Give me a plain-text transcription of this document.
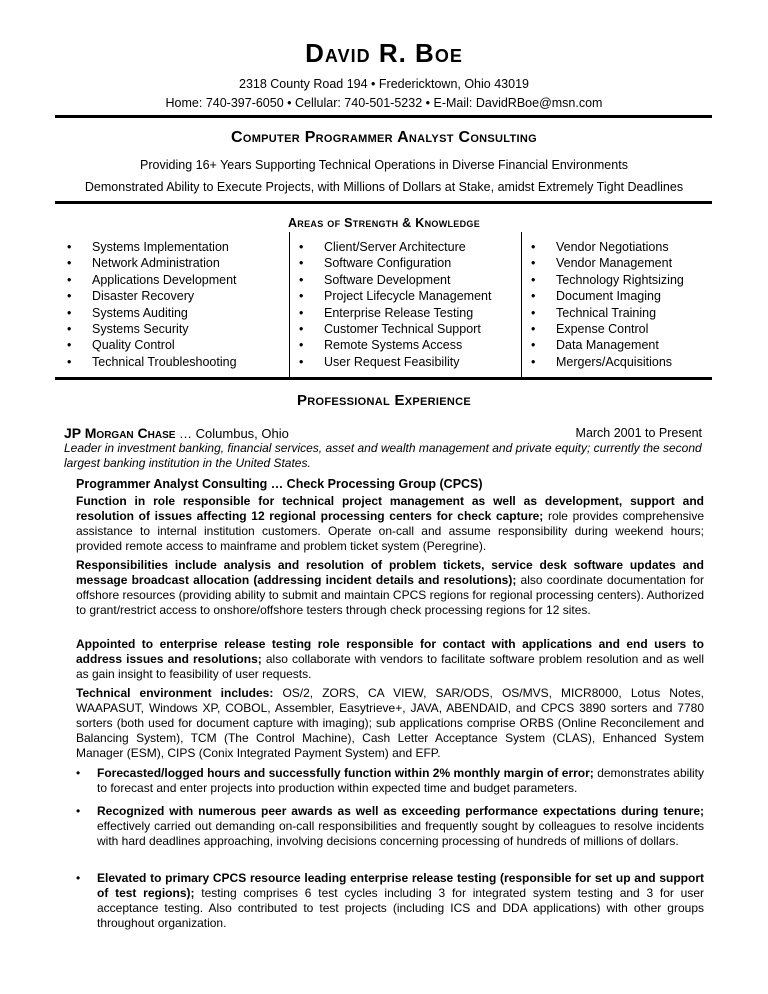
David R. Boe
2318 County Road 194 • Fredericktown, Ohio 43019
Home: 740-397-6050 • Cellular: 740-501-5232 • E-Mail: DavidRBoe@msn.com
Computer Programmer Analyst Consulting
Providing 16+ Years Supporting Technical Operations in Diverse Financial Environments
Demonstrated Ability to Execute Projects, with Millions of Dollars at Stake, amidst Extremely Tight Deadlines
Areas of Strength & Knowledge
• Systems Implementation
• Network Administration
• Applications Development
• Disaster Recovery
• Systems Auditing
• Systems Security
• Quality Control
• Technical Troubleshooting
• Client/Server Architecture
• Software Configuration
• Software Development
• Project Lifecycle Management
• Enterprise Release Testing
• Customer Technical Support
• Remote Systems Access
• User Request Feasibility
• Vendor Negotiations
• Vendor Management
• Technology Rightsizing
• Document Imaging
• Technical Training
• Expense Control
• Data Management
• Mergers/Acquisitions
Professional Experience
JP Morgan Chase … Columbus, Ohio	March 2001 to Present
Leader in investment banking, financial services, asset and wealth management and private equity; currently the second largest banking institution in the United States.
Programmer Analyst Consulting … Check Processing Group (CPCS)
Function in role responsible for technical project management as well as development, support and resolution of issues affecting 12 regional processing centers for check capture; role provides comprehensive assistance to internal institution customers. Operate on-call and assume responsibility during weekend hours; provided remote access to mainframe and problem ticket system (Peregrine).
Responsibilities include analysis and resolution of problem tickets, service desk software updates and message broadcast allocation (addressing incident details and resolutions); also coordinate documentation for offshore resources (providing ability to submit and maintain CPCS regions for regional processing centers). Authorized to grant/restrict access to onshore/offshore testers through check processing regions for 12 sites.
Appointed to enterprise release testing role responsible for contact with applications and end users to address issues and resolutions; also collaborate with vendors to facilitate software problem resolution and as well as gain insight to feasibility of user requests.
Technical environment includes: OS/2, ZORS, CA VIEW, SAR/ODS, OS/MVS, MICR8000, Lotus Notes, WAAPASUT, Windows XP, COBOL, Assembler, Easytrieve+, JAVA, ABENDAID, and CPCS 3890 sorters and 7780 sorters (both used for document capture with imaging); sub applications comprise ORBS (Online Reconcilement and Balancing System), TCM (The Control Machine), Cash Letter Acceptance System (CLAS), Enhanced System Manager (ESM), CIPS (Conix Integrated Payment System) and EFP.
• Forecasted/logged hours and successfully function within 2% monthly margin of error; demonstrates ability to forecast and enter projects into production within expected time and budget parameters.
• Recognized with numerous peer awards as well as exceeding performance expectations during tenure; effectively carried out demanding on-call responsibilities and frequently sought by colleagues to resolve incidents with hard deadlines approaching, involving decisions concerning processing of hundreds of millions of dollars.
• Elevated to primary CPCS resource leading enterprise release testing (responsible for set up and support of test regions); testing comprises 6 test cycles including 3 for integrated system testing and 3 for user acceptance testing. Also contributed to test projects (including ICS and DDA applications) with other groups throughout organization.
